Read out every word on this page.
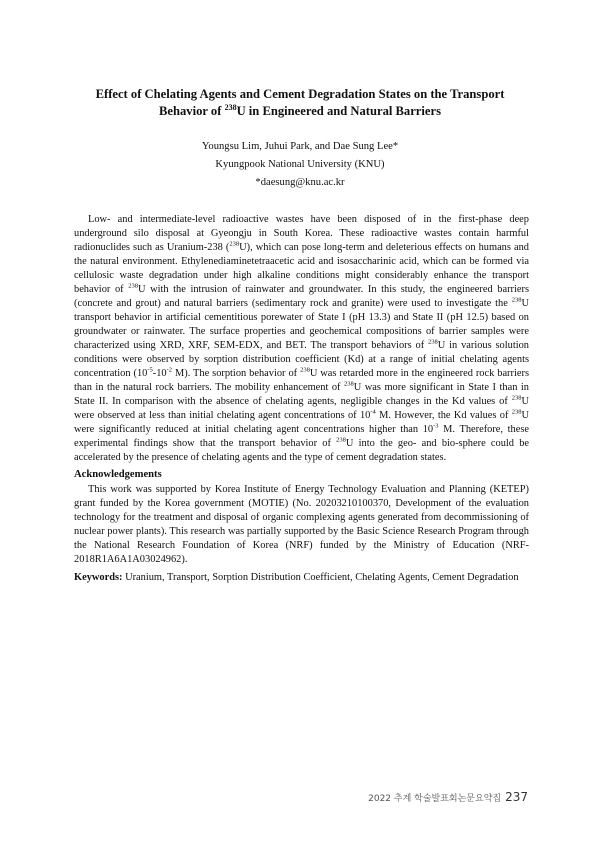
Effect of Chelating Agents and Cement Degradation States on the Transport
Behavior of $^{238}$U in Engineered and Natural Barriers
Youngsu Lim, Juhui Park, and Dae Sung Lee*
Kyungpook National University (KNU)
*daesung@knu.ac.kr

Low- and intermediate-level radioactive wastes have been disposed of in the first-phase deep underground silo disposal at Gyeongju in South Korea. These radioactive wastes contain harmful radionuclides such as Uranium-238 ($^{238}$U), which can pose long-term and deleterious effects on humans and the natural environment. Ethylenediaminetetraacetic acid and isosaccharinic acid, which can be formed via cellulosic waste degradation under high alkaline conditions might considerably enhance the transport behavior of $^{238}$U with the intrusion of rainwater and groundwater. In this study, the engineered barriers (concrete and grout) and natural barriers (sedimentary rock and granite) were used to investigate the $^{238}$U transport behavior in artificial cementitious porewater of State I (pH 13.3) and State II (pH 12.5) based on groundwater or rainwater. The surface properties and geochemical compositions of barrier samples were characterized using XRD, XRF, SEM-EDX, and BET. The transport behaviors of $^{238}$U in various solution conditions were observed by sorption distribution coefficient (Kd) at a range of initial chelating agents concentration ($10^{-5}-10^{-2}$ M). The sorption behavior of $^{238}$U was retarded more in the engineered rock barriers than in the natural rock barriers. The mobility enhancement of $^{238}$U was more significant in State I than in State II. In comparison with the absence of chelating agents, negligible changes in the Kd values of $^{238}$U were observed at less than initial chelating agent concentrations of $10^{-4}$ M. However, the Kd values of $^{238}$U were significantly reduced at initial chelating agent concentrations higher than $10^{-3}$ M. Therefore, these experimental findings show that the transport behavior of $^{238}$U into the geo- and bio-sphere could be accelerated by the presence of chelating agents and the type of cement degradation states.

Acknowledgements

This work was supported by Korea Institute of Energy Technology Evaluation and Planning (KETEP) grant funded by the Korea government (MOTIE) (No. 20203210100370, Development of the evaluation technology for the treatment and disposal of organic complexing agents generated from decommissioning of nuclear power plants). This research was partially supported by the Basic Science Research Program through the National Research Foundation of Korea (NRF) funded by the Ministry of Education (NRF-2018R1A6A1A03024962).

Keywords: Uranium, Transport, Sorption Distribution Coefficient, Chelating Agents, Cement Degradation

2022 추계 학술발표회논문요약집 237
